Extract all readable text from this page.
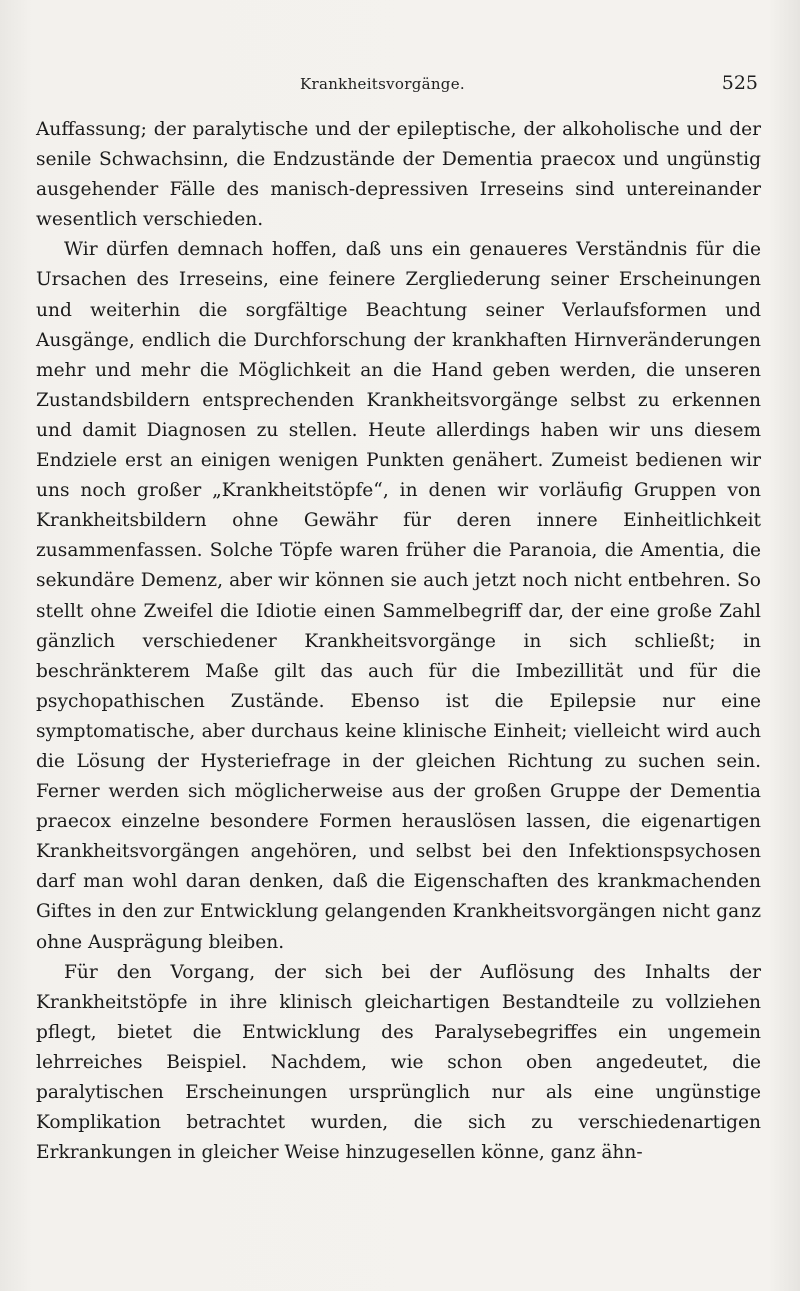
Krankheitsvorgänge.	525

Auffassung; der paralytische und der epileptische, der alkoholische und der senile Schwachsinn, die Endzustände der Dementia praecox und ungünstig ausgehender Fälle des manisch-depressiven Irreseins sind untereinander wesentlich verschieden.

Wir dürfen demnach hoffen, daß uns ein genaueres Verständnis für die Ursachen des Irreseins, eine feinere Zergliederung seiner Erscheinungen und weiterhin die sorgfältige Beachtung seiner Verlaufsformen und Ausgänge, endlich die Durchforschung der krankhaften Hirnveränderungen mehr und mehr die Möglichkeit an die Hand geben werden, die unseren Zustandsbildern entsprechenden Krankheitsvorgänge selbst zu erkennen und damit Diagnosen zu stellen. Heute allerdings haben wir uns diesem Endziele erst an einigen wenigen Punkten genähert. Zumeist bedienen wir uns noch großer „Krankheitstöpfe“, in denen wir vorläufig Gruppen von Krankheitsbildern ohne Gewähr für deren innere Einheitlichkeit zusammenfassen. Solche Töpfe waren früher die Paranoia, die Amentia, die sekundäre Demenz, aber wir können sie auch jetzt noch nicht entbehren. So stellt ohne Zweifel die Idiotie einen Sammelbegriff dar, der eine große Zahl gänzlich verschiedener Krankheitsvorgänge in sich schließt; in beschränkterem Maße gilt das auch für die Imbezillität und für die psychopathischen Zustände. Ebenso ist die Epilepsie nur eine symptomatische, aber durchaus keine klinische Einheit; vielleicht wird auch die Lösung der Hysteriefrage in der gleichen Richtung zu suchen sein. Ferner werden sich möglicherweise aus der großen Gruppe der Dementia praecox einzelne besondere Formen herauslösen lassen, die eigenartigen Krankheitsvorgängen angehören, und selbst bei den Infektionspsychosen darf man wohl daran denken, daß die Eigenschaften des krankmachenden Giftes in den zur Entwicklung gelangenden Krankheitsvorgängen nicht ganz ohne Ausprägung bleiben.

Für den Vorgang, der sich bei der Auflösung des Inhalts der Krankheitstöpfe in ihre klinisch gleichartigen Bestandteile zu vollziehen pflegt, bietet die Entwicklung des Paralysebegriffes ein ungemein lehrreiches Beispiel. Nachdem, wie schon oben angedeutet, die paralytischen Erscheinungen ursprünglich nur als eine ungünstige Komplikation betrachtet wurden, die sich zu verschiedenartigen Erkrankungen in gleicher Weise hinzugesellen könne, ganz ähn-
